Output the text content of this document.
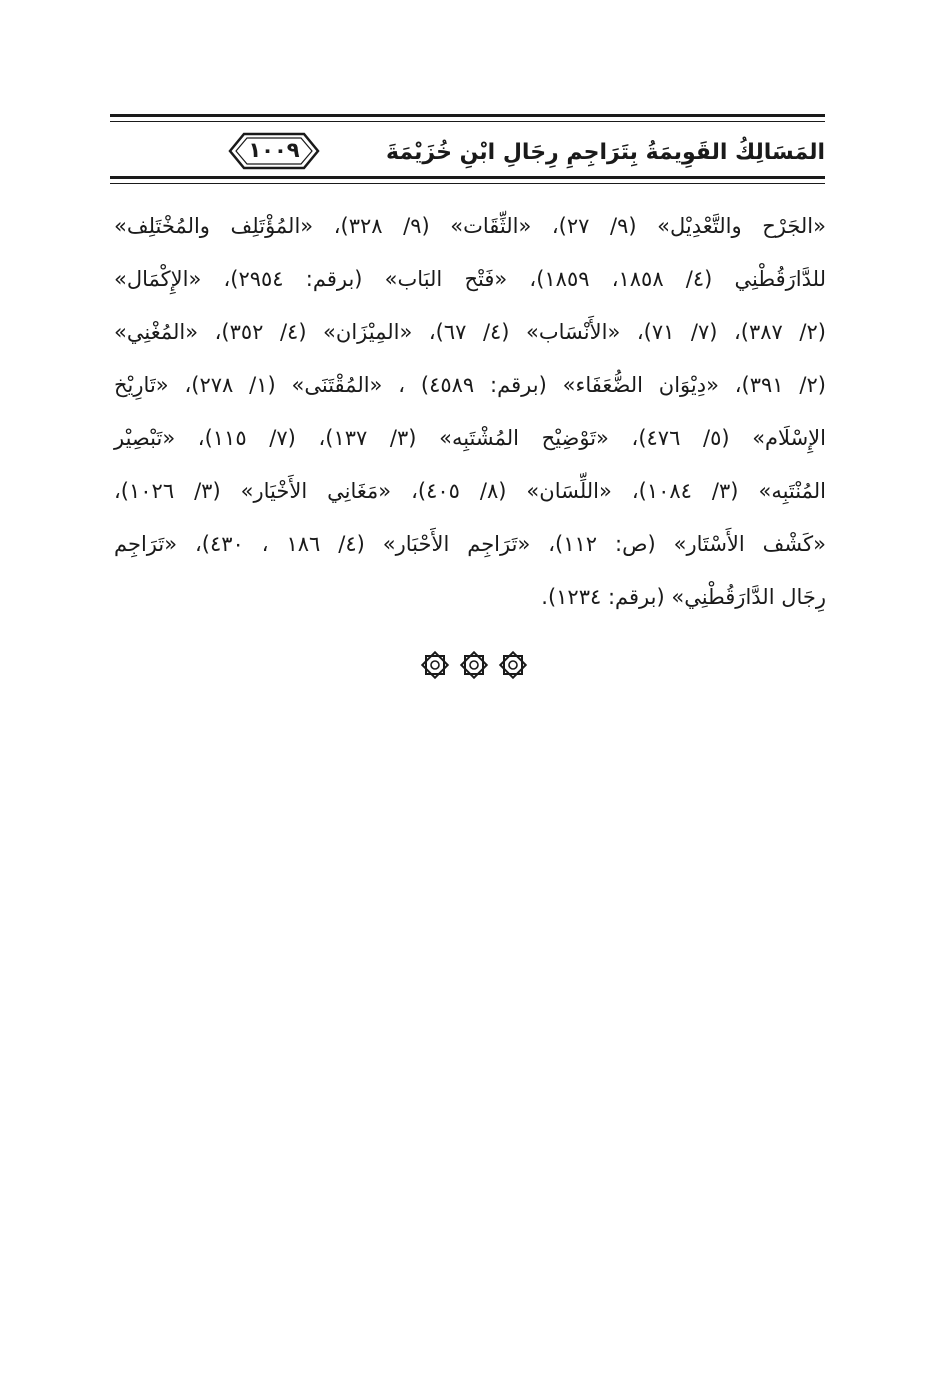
المَسَالِكُ القَوِيمَةُ بِتَرَاجِمِ رِجَالِ ابْنِ خُزَيْمَةَ
١٠٠٩
«الجَرْح والتَّعْدِيْل» (٩/ ٢٧)، «الثِّقَات» (٩/ ٣٢٨)، «المُؤْتَلِف والمُخْتَلِف»
للدَّارَقُطْنِي (٤/ ١٨٥٨، ١٨٥٩)، «فَتْح البَاب» (برقم: ٢٩٥٤)، «الإِكْمَال»
(٢/ ٣٨٧)، (٧/ ٧١)، «الأَنْسَاب» (٤/ ٦٧)، «المِيْزَان» (٤/ ٣٥٢)، «المُغْنِي»
(٢/ ٣٩١)، «دِيْوَان الضُّعَفَاء» (برقم: ٤٥٨٩) ، «المُقْتَنَى» (١/ ٢٧٨)، «تَارِيْخ
الإِسْلَام» (٥/ ٤٧٦)، «تَوْضِيْح المُشْتَبِه» (٣/ ١٣٧)، (٧/ ١١٥)، «تَبْصِيْر
المُنْتَبِه» (٣/ ١٠٨٤)، «اللِّسَان» (٨/ ٤٠٥)، «مَغَانِي الأَخْيَار» (٣/ ١٠٢٦)،
«كَشْف الأَسْتَار» (ص: ١١٢)، «تَرَاجِم الأَحْبَار» (٤/ ١٨٦ ، ٤٣٠)، «تَرَاجِم
رِجَال الدَّارَقُطْنِي» (برقم: ١٢٣٤).
